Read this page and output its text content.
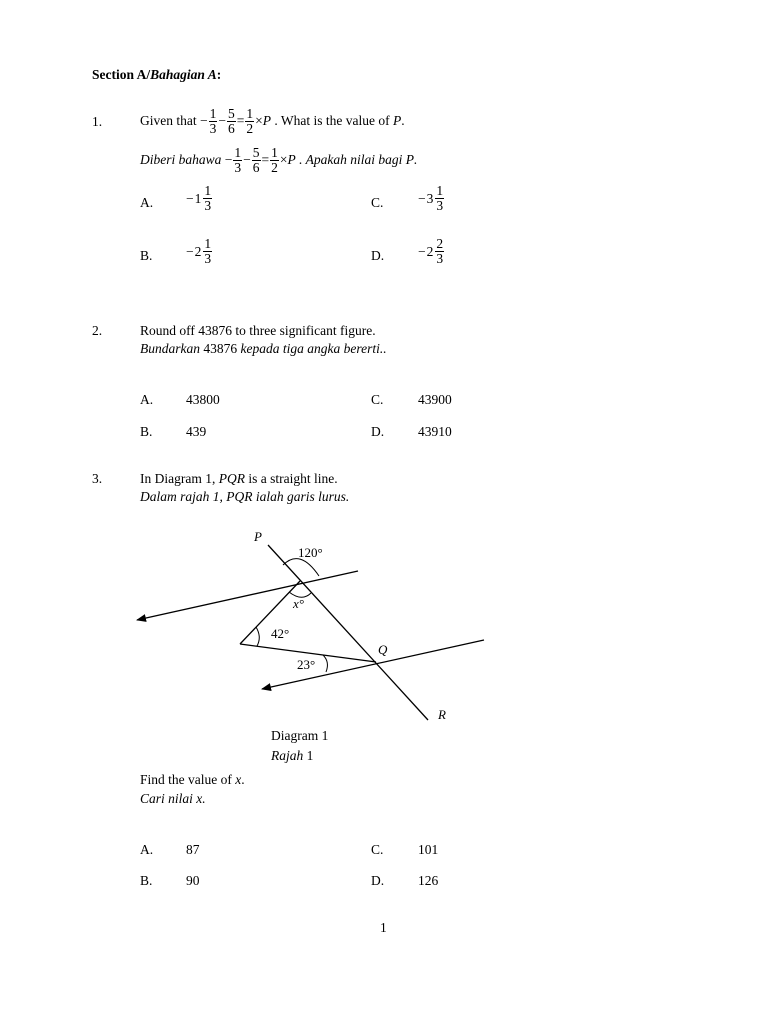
Section A/Bahagian A:
1.	Given that
− $\frac{1}{3} - \frac{5}{6} = \frac{1}{2} \times P$
. What is the value of
P .
Diberi bahawa
− $\frac{1}{3} - \frac{5}{6} = \frac{1}{2} \times P$
. Apakah nilai bagi
P .
A. − $1 \frac{1}{3}$	C.	− $3 \frac{1}{3}$
B. − $2 \frac{1}{3}$	D.	− $2 \frac{2}{3}$
2.	Round off 43876 to three significant figure.
Bundarkan 43876 kepada tiga angka bererti..
A. 43800	C.	43900
B. 439	D.	43910
3.	In Diagram 1, PQR is a straight line.
Dalam rajah 1, PQR ialah garis lurus.
P
120°
x°
42°
Q
23°
R
Diagram 1
Rajah 1
Find the value of x.
Cari nilai x.
A. 87	C.	101
B. 90	D.	126
1
